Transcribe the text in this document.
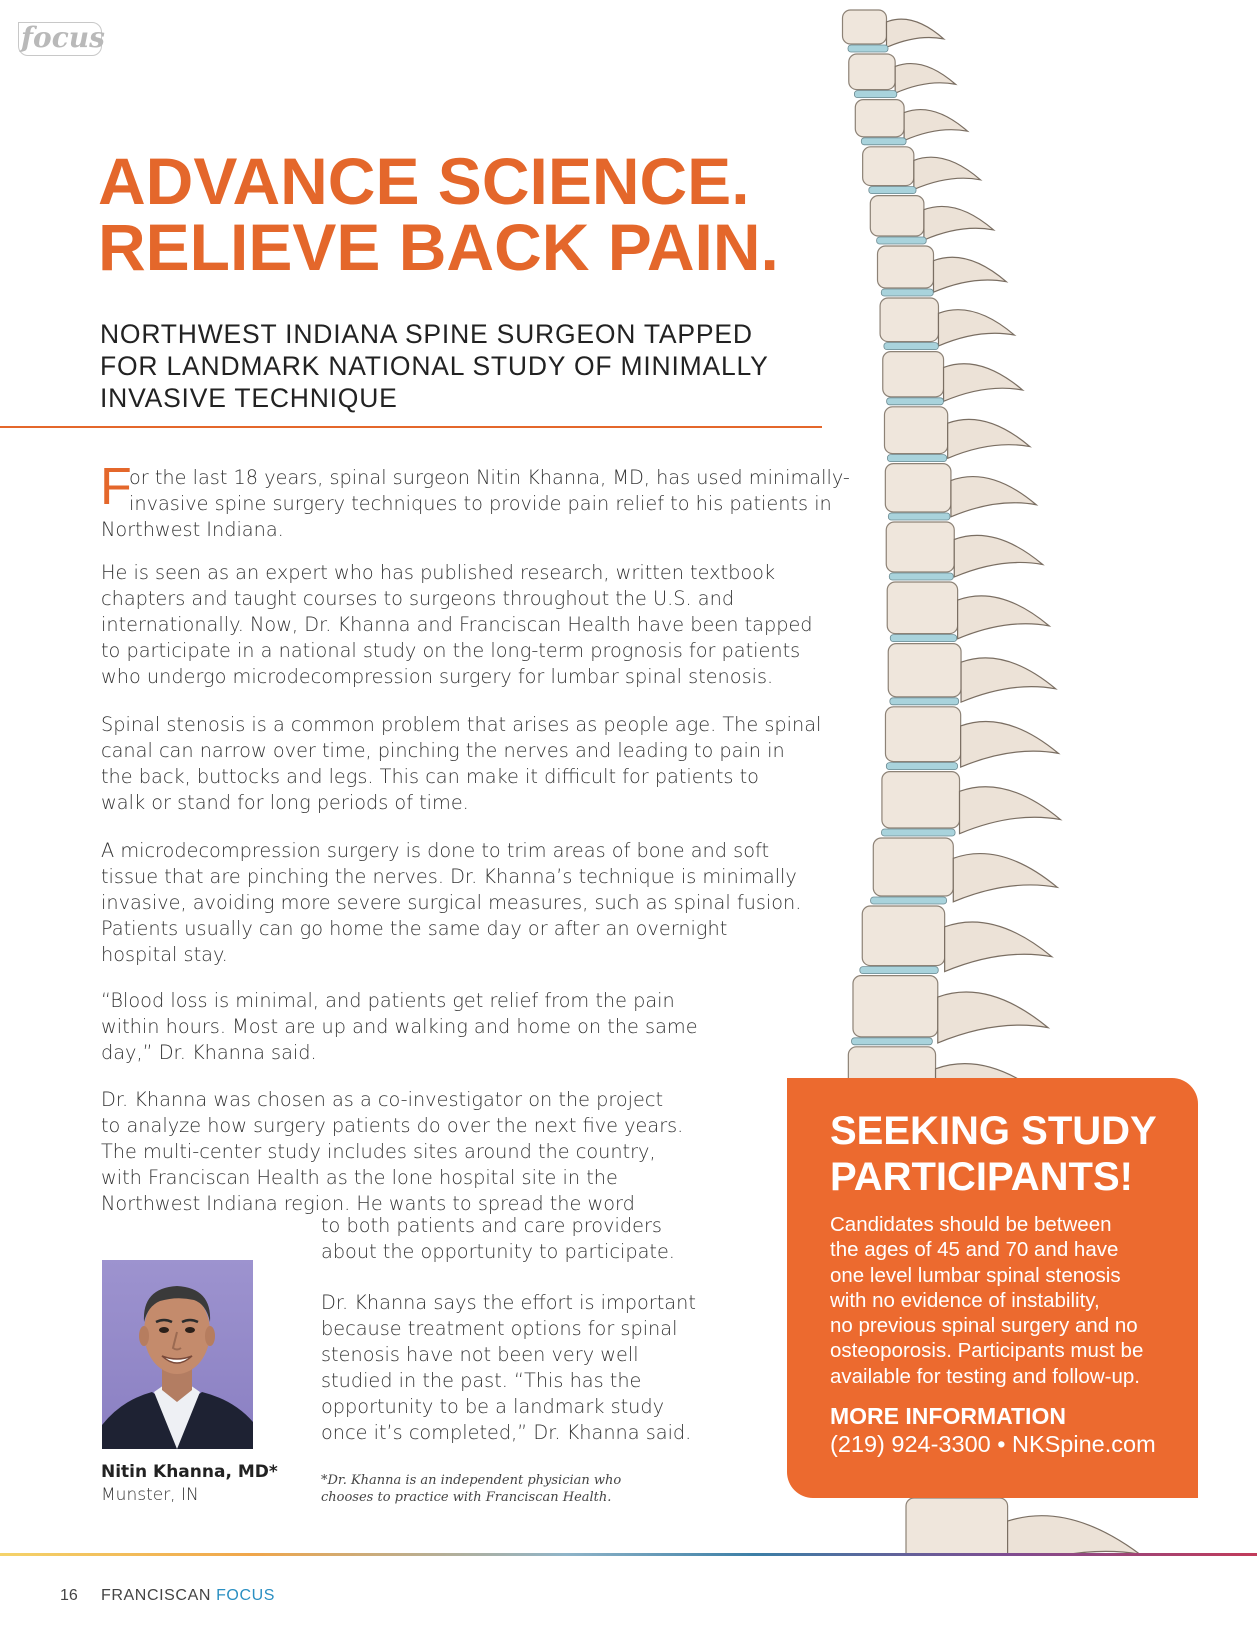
focus
ADVANCE SCIENCE.
RELIEVE BACK PAIN.
NORTHWEST INDIANA SPINE SURGEON TAPPED
FOR LANDMARK NATIONAL STUDY OF MINIMALLY
INVASIVE TECHNIQUE
F
or the last 18 years, spinal surgeon Nitin Khanna, MD, has used minimally-
invasive spine surgery techniques to provide pain relief to his patients in
Northwest Indiana.
He is seen as an expert who has published research, written textbook
chapters and taught courses to surgeons throughout the U.S. and
internationally. Now, Dr. Khanna and Franciscan Health have been tapped
to participate in a national study on the long-term prognosis for patients
who undergo microdecompression surgery for lumbar spinal stenosis.
Spinal stenosis is a common problem that arises as people age. The spinal
canal can narrow over time, pinching the nerves and leading to pain in
the back, buttocks and legs. This can make it difficult for patients to
walk or stand for long periods of time.
A microdecompression surgery is done to trim areas of bone and soft
tissue that are pinching the nerves. Dr. Khanna’s technique is minimally
invasive, avoiding more severe surgical measures, such as spinal fusion.
Patients usually can go home the same day or after an overnight
hospital stay.
“Blood loss is minimal, and patients get relief from the pain
within hours. Most are up and walking and home on the same
day,” Dr. Khanna said.
Dr. Khanna was chosen as a co-investigator on the project
to analyze how surgery patients do over the next five years.
The multi-center study includes sites around the country,
with Franciscan Health as the lone hospital site in the
Northwest Indiana region. He wants to spread the word
to both patients and care providers
about the opportunity to participate.
Dr. Khanna says the effort is important
because treatment options for spinal
stenosis have not been very well
studied in the past. “This has the
opportunity to be a landmark study
once it’s completed,” Dr. Khanna said.
Nitin Khanna, MD*
Munster, IN
*Dr. Khanna is an independent physician who
chooses to practice with Franciscan Health.
SEEKING STUDY
PARTICIPANTS!
Candidates should be between
the ages of 45 and 70 and have
one level lumbar spinal stenosis
with no evidence of instability,
no previous spinal surgery and no
osteoporosis. Participants must be
available for testing and follow-up.
MORE INFORMATION
(219) 924-3300 • NKSpine.com
16 FRANCISCAN FOCUS
